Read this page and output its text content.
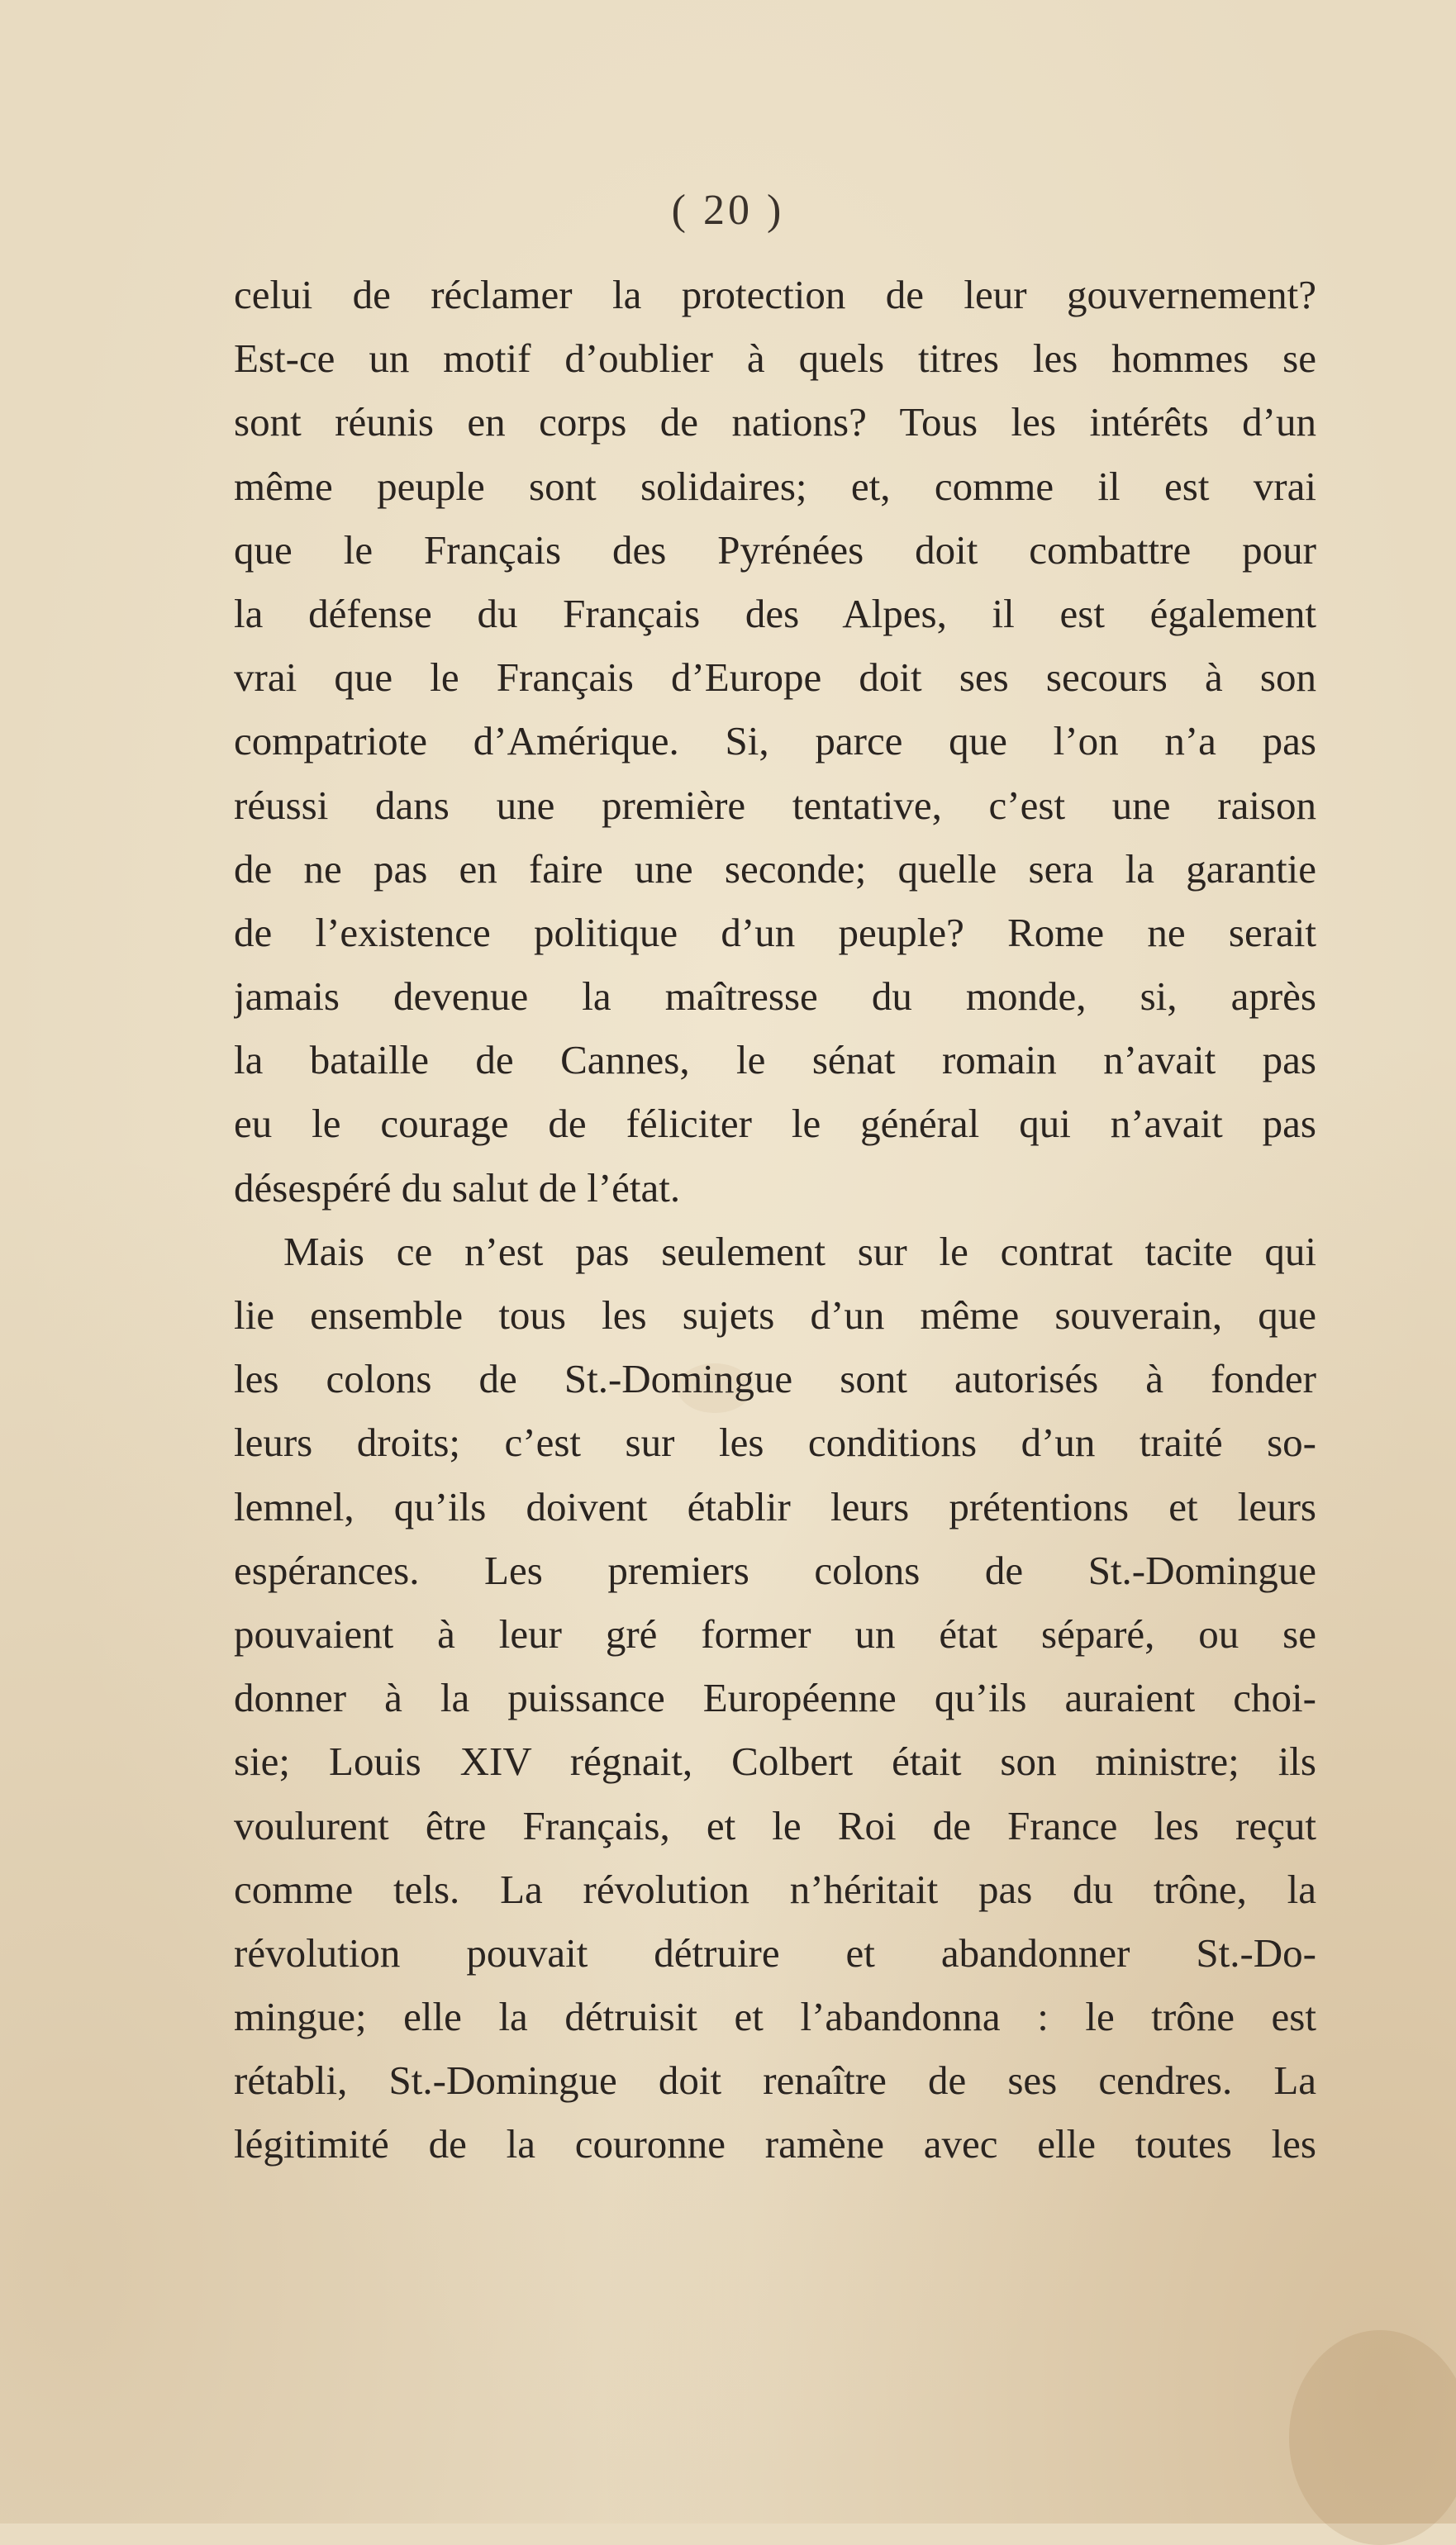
( 20 )
celui de réclamer la protection de leur gouvernement?
Est-ce un motif d’oublier à quels titres les hommes se
sont réunis en corps de nations? Tous les intérêts d’un
même peuple sont solidaires; et, comme il est vrai
que le Français des Pyrénées doit combattre pour
la défense du Français des Alpes, il est également
vrai que le Français d’Europe doit ses secours à son
compatriote d’Amérique. Si, parce que l’on n’a pas
réussi dans une première tentative, c’est une raison
de ne pas en faire une seconde; quelle sera la garantie
de l’existence politique d’un peuple? Rome ne serait
jamais devenue la maîtresse du monde, si, après
la bataille de Cannes, le sénat romain n’avait pas
eu le courage de féliciter le général qui n’avait pas
désespéré du salut de l’état.
Mais ce n’est pas seulement sur le contrat tacite qui
lie ensemble tous les sujets d’un même souverain, que
les colons de St.-Domingue sont autorisés à fonder
leurs droits; c’est sur les conditions d’un traité so-
lemnel, qu’ils doivent établir leurs prétentions et leurs
espérances. Les premiers colons de St.-Domingue
pouvaient à leur gré former un état séparé, ou se
donner à la puissance Européenne qu’ils auraient choi-
sie; Louis XIV régnait, Colbert était son ministre; ils
voulurent être Français, et le Roi de France les reçut
comme tels. La révolution n’héritait pas du trône, la
révolution pouvait détruire et abandonner St.-Do-
mingue; elle la détruisit et l’abandonna : le trône est
rétabli, St.-Domingue doit renaître de ses cendres. La
légitimité de la couronne ramène avec elle toutes les
